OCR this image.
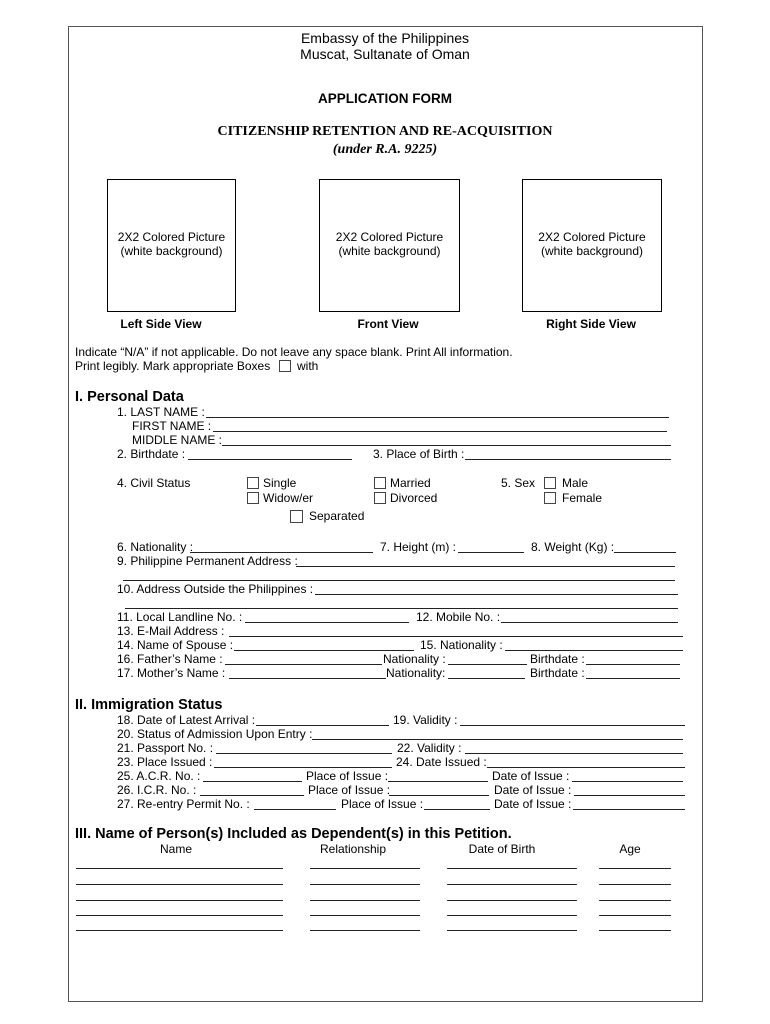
Embassy of the Philippines
Muscat, Sultanate of Oman
APPLICATION FORM
CITIZENSHIP RETENTION AND RE-ACQUISITION
(under R.A. 9225)
2X2 Colored Picture
(white background)
2X2 Colored Picture
(white background)
2X2 Colored Picture
(white background)
Left Side View	Front View	Right Side View
Indicate “N/A” if not applicable. Do not leave any space blank. Print All information.
Print legibly. Mark appropriate Boxes with
I. Personal Data
1. LAST NAME :
FIRST NAME :
MIDDLE NAME :
2. Birthdate :	3. Place of Birth :
4. Civil Status	Single	Married	5. Sex Male
Widow/er	Divorced	Female
Separated
6. Nationality :	7. Height (m) :	8. Weight (Kg) :
9. Philippine Permanent Address :
10. Address Outside the Philippines :
11. Local Landline No. :	12. Mobile No. :
13. E-Mail Address :
14. Name of Spouse :	15. Nationality :
16. Father’s Name :	Nationality :	Birthdate :
17. Mother’s Name :	Nationality:	Birthdate :
II. Immigration Status
18. Date of Latest Arrival :	19. Validity :
20. Status of Admission Upon Entry :
21. Passport No. :	22. Validity :
23. Place Issued :	24. Date Issued :
25. A.C.R. No. :	Place of Issue :	Date of Issue :
26. I.C.R. No. :	Place of Issue :	Date of Issue :
27. Re-entry Permit No. :	Place of Issue :	Date of Issue :
III. Name of Person(s) Included as Dependent(s) in this Petition.
Name	Relationship	Date of Birth	Age
